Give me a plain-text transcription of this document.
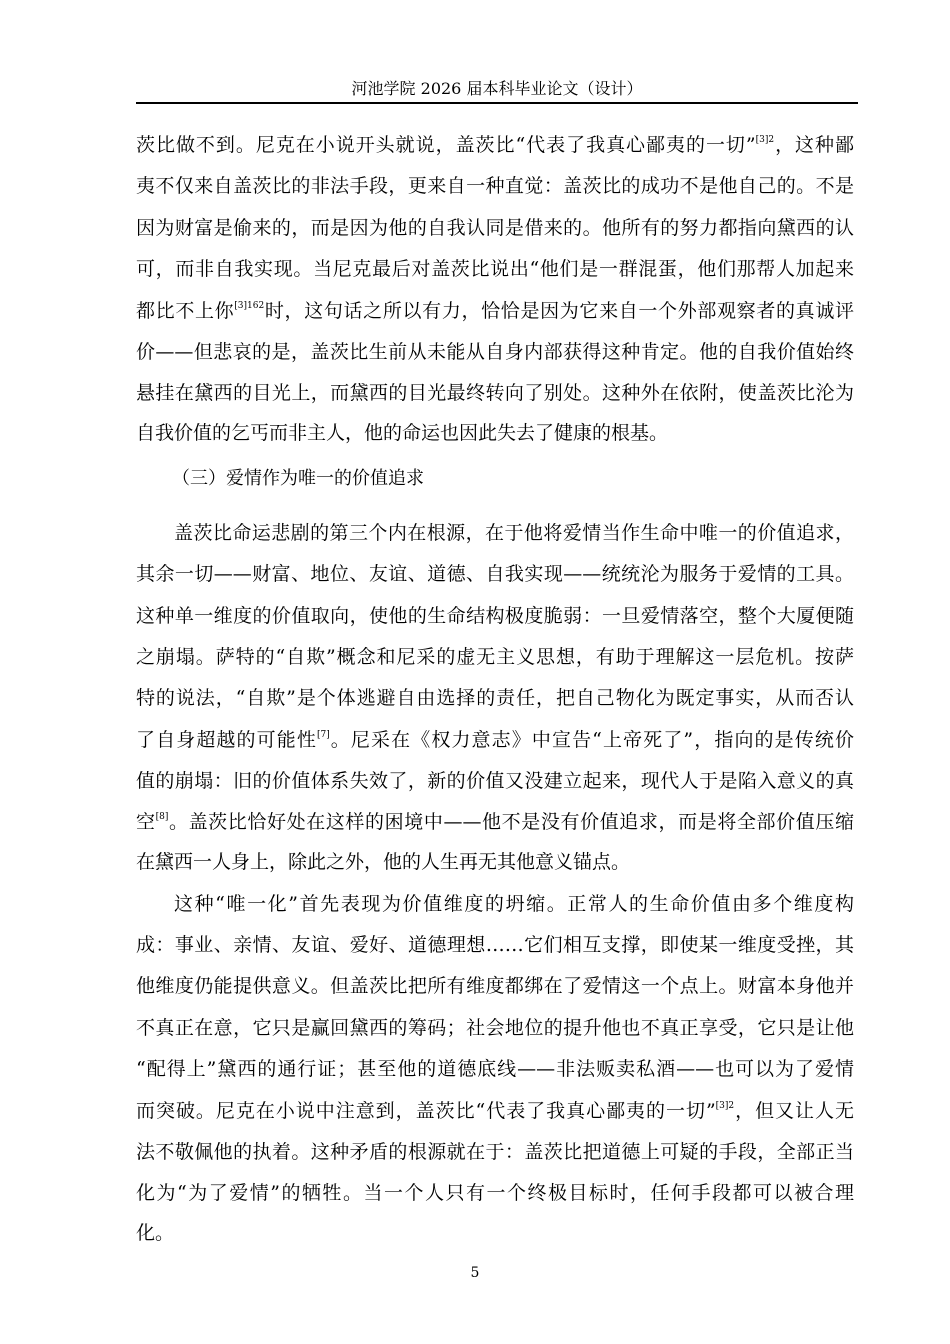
河池学院 2026 届本科毕业论文（设计）
茨比做不到。尼克在小说开头就说，盖茨比“代表了我真心鄙夷的一切”$^{[3]2}$，这种鄙
夷不仅来自盖茨比的非法手段，更来自一种直觉：盖茨比的成功不是他自己的。不是
因为财富是偷来的，而是因为他的自我认同是借来的。他所有的努力都指向黛西的认
可，而非自我实现。当尼克最后对盖茨比说出“他们是一群混蛋，他们那帮人加起来
都比不上你$^{[3]162}$时，这句话之所以有力，恰恰是因为它来自一个外部观察者的真诚评
价——但悲哀的是，盖茨比生前从未能从自身内部获得这种肯定。他的自我价值始终
悬挂在黛西的目光上，而黛西的目光最终转向了别处。这种外在依附，使盖茨比沦为
自我价值的乞丐而非主人，他的命运也因此失去了健康的根基。
（三）爱情作为唯一的价值追求
盖茨比命运悲剧的第三个内在根源，在于他将爱情当作生命中唯一的价值追求，
其余一切——财富、地位、友谊、道德、自我实现——统统沦为服务于爱情的工具。
这种单一维度的价值取向，使他的生命结构极度脆弱：一旦爱情落空，整个大厦便随
之崩塌。萨特的“自欺”概念和尼采的虚无主义思想，有助于理解这一层危机。按萨
特的说法，“自欺”是个体逃避自由选择的责任，把自己物化为既定事实，从而否认
了自身超越的可能性[7]。尼采在《权力意志》中宣告“上帝死了”，指向的是传统价
值的崩塌：旧的价值体系失效了，新的价值又没建立起来，现代人于是陷入意义的真
空[8]。盖茨比恰好处在这样的困境中——他不是没有价值追求，而是将全部价值压缩
在黛西一人身上，除此之外，他的人生再无其他意义锚点。
这种“唯一化”首先表现为价值维度的坍缩。正常人的生命价值由多个维度构
成：事业、亲情、友谊、爱好、道德理想……它们相互支撑，即使某一维度受挫，其
他维度仍能提供意义。但盖茨比把所有维度都绑在了爱情这一个点上。财富本身他并
不真正在意，它只是赢回黛西的筹码；社会地位的提升他也不真正享受，它只是让他
“配得上”黛西的通行证；甚至他的道德底线——非法贩卖私酒——也可以为了爱情
而突破。尼克在小说中注意到，盖茨比“代表了我真心鄙夷的一切”$^{[3]2}$，但又让人无
法不敬佩他的执着。这种矛盾的根源就在于：盖茨比把道德上可疑的手段，全部正当
化为“为了爱情”的牺牲。当一个人只有一个终极目标时，任何手段都可以被合理
化。
5
